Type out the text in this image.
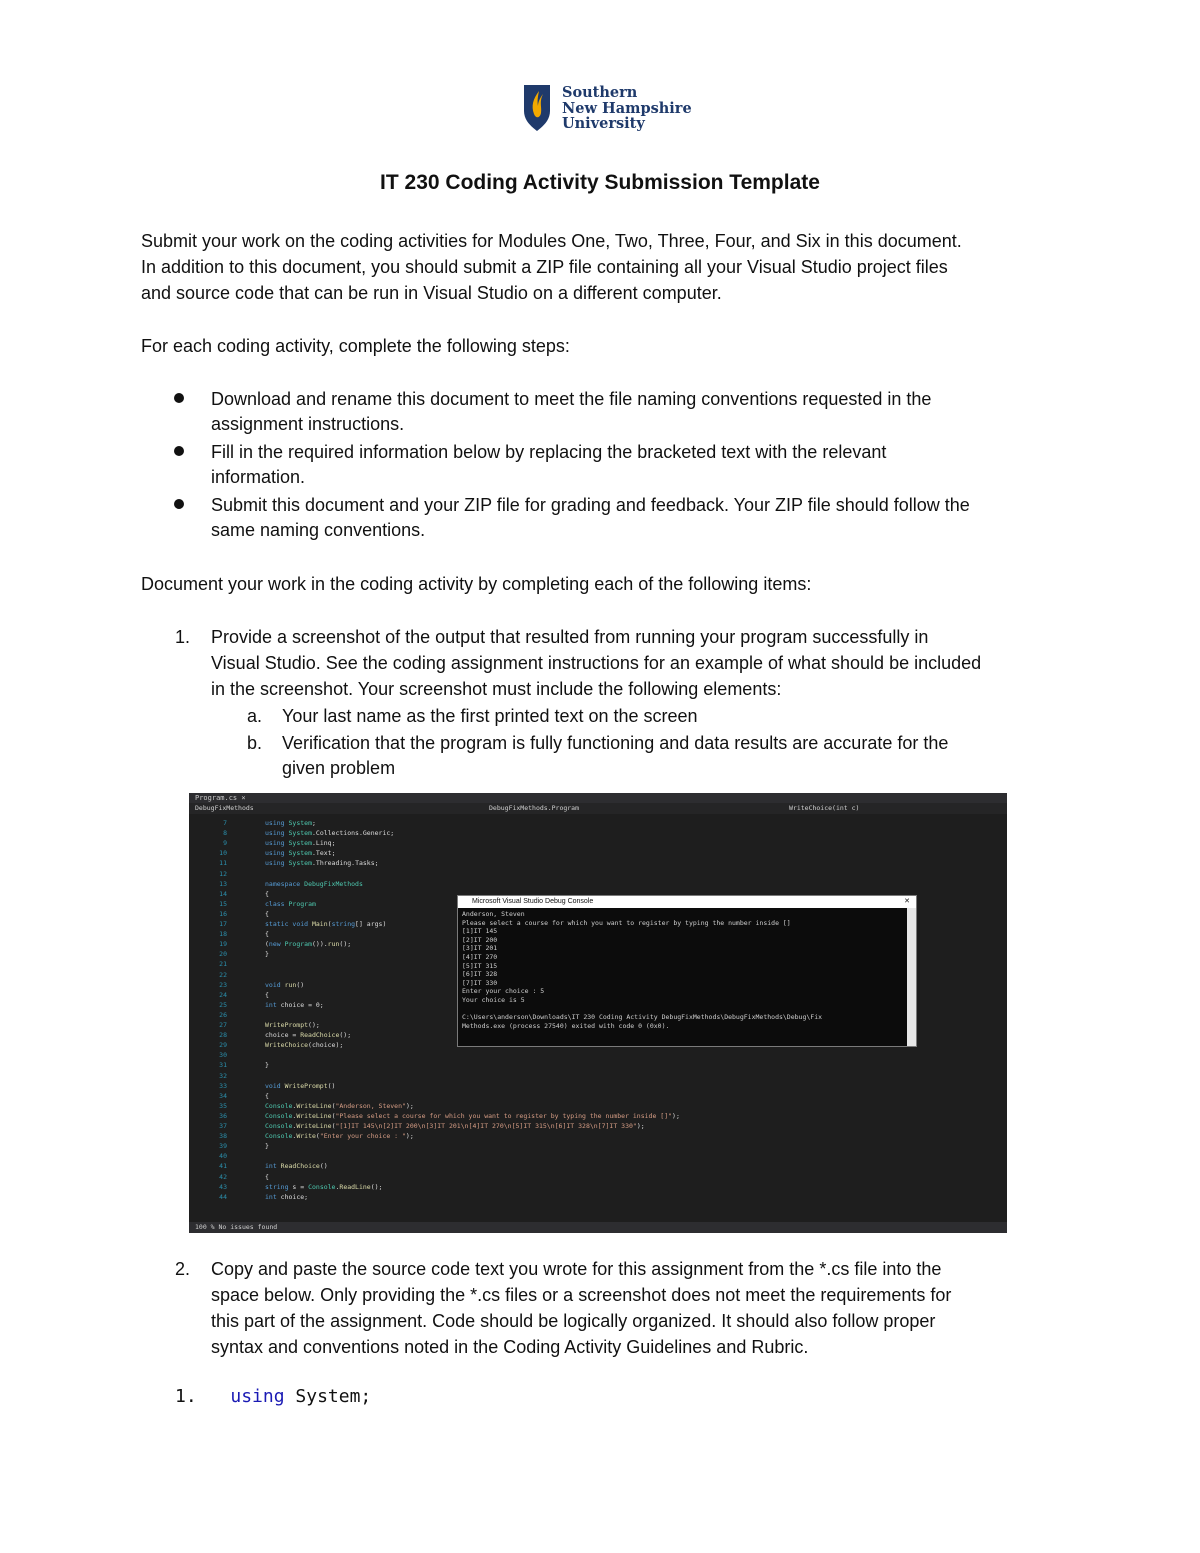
Southern
New Hampshire
University
IT 230 Coding Activity Submission Template
Submit your work on the coding activities for Modules One, Two, Three, Four, and Six in this document.
In addition to this document, you should submit a ZIP file containing all your Visual Studio project files
and source code that can be run in Visual Studio on a different computer.
For each coding activity, complete the following steps:
Download and rename this document to meet the file naming conventions requested in the
assignment instructions.
Fill in the required information below by replacing the bracketed text with the relevant
information.
Submit this document and your ZIP file for grading and feedback. Your ZIP file should follow the
same naming conventions.
Document your work in the coding activity by completing each of the following items:
1. Provide a screenshot of the output that resulted from running your program successfully in
Visual Studio. See the coding assignment instructions for an example of what should be included
in the screenshot. Your screenshot must include the following elements:
a. Your last name as the first printed text on the screen
b. Verification that the program is fully functioning and data results are accurate for the
given problem
Program.cs ×
DebugFixMethods	DebugFixMethods.Program	WriteChoice(int c)
7	using System;
8	using System.Collections.Generic;
9	using System.Linq;
10	using System.Text;
11	using System.Threading.Tasks;
12
13	namespace DebugFixMethods
14	{
15	class Program
16	{
17	static void Main(string[] args)
18	{
19	(new Program()).run();
20	}
21
22
23	void run()
24	{
25	int choice = 0;
26
27	WritePrompt();
28	choice = ReadChoice();
29	WriteChoice(choice);
30
31	}
32
33	void WritePrompt()
34	{
35	Console.WriteLine("Anderson, Steven");
36	Console.WriteLine("Please select a course for which you want to register by typing the number inside []");
37	Console.WriteLine("[1]IT 145\n[2]IT 200\n[3]IT 201\n[4]IT 270\n[5]IT 315\n[6]IT 328\n[7]IT 330");
38	Console.Write("Enter your choice : ");
39	}
40
41	int ReadChoice()
42	{
43	string s = Console.ReadLine();
44	int choice;
Microsoft Visual Studio Debug Console	✕
Anderson, Steven
Please select a course for which you want to register by typing the number inside []
[1]IT 145
[2]IT 200
[3]IT 201
[4]IT 270
[5]IT 315
[6]IT 328
[7]IT 330
Enter your choice : 5
Your choice is 5

C:\Users\anderson\Downloads\IT 230 Coding Activity DebugFixMethods\DebugFixMethods\Debug\Fix
Methods.exe (process 27540) exited with code 0 (0x0).
100 % No issues found
2. Copy and paste the source code text you wrote for this assignment from the *.cs file into the
space below. Only providing the *.cs files or a screenshot does not meet the requirements for
this part of the assignment. Code should be logically organized. It should also follow proper
syntax and conventions noted in the Coding Activity Guidelines and Rubric.
1. using System;
